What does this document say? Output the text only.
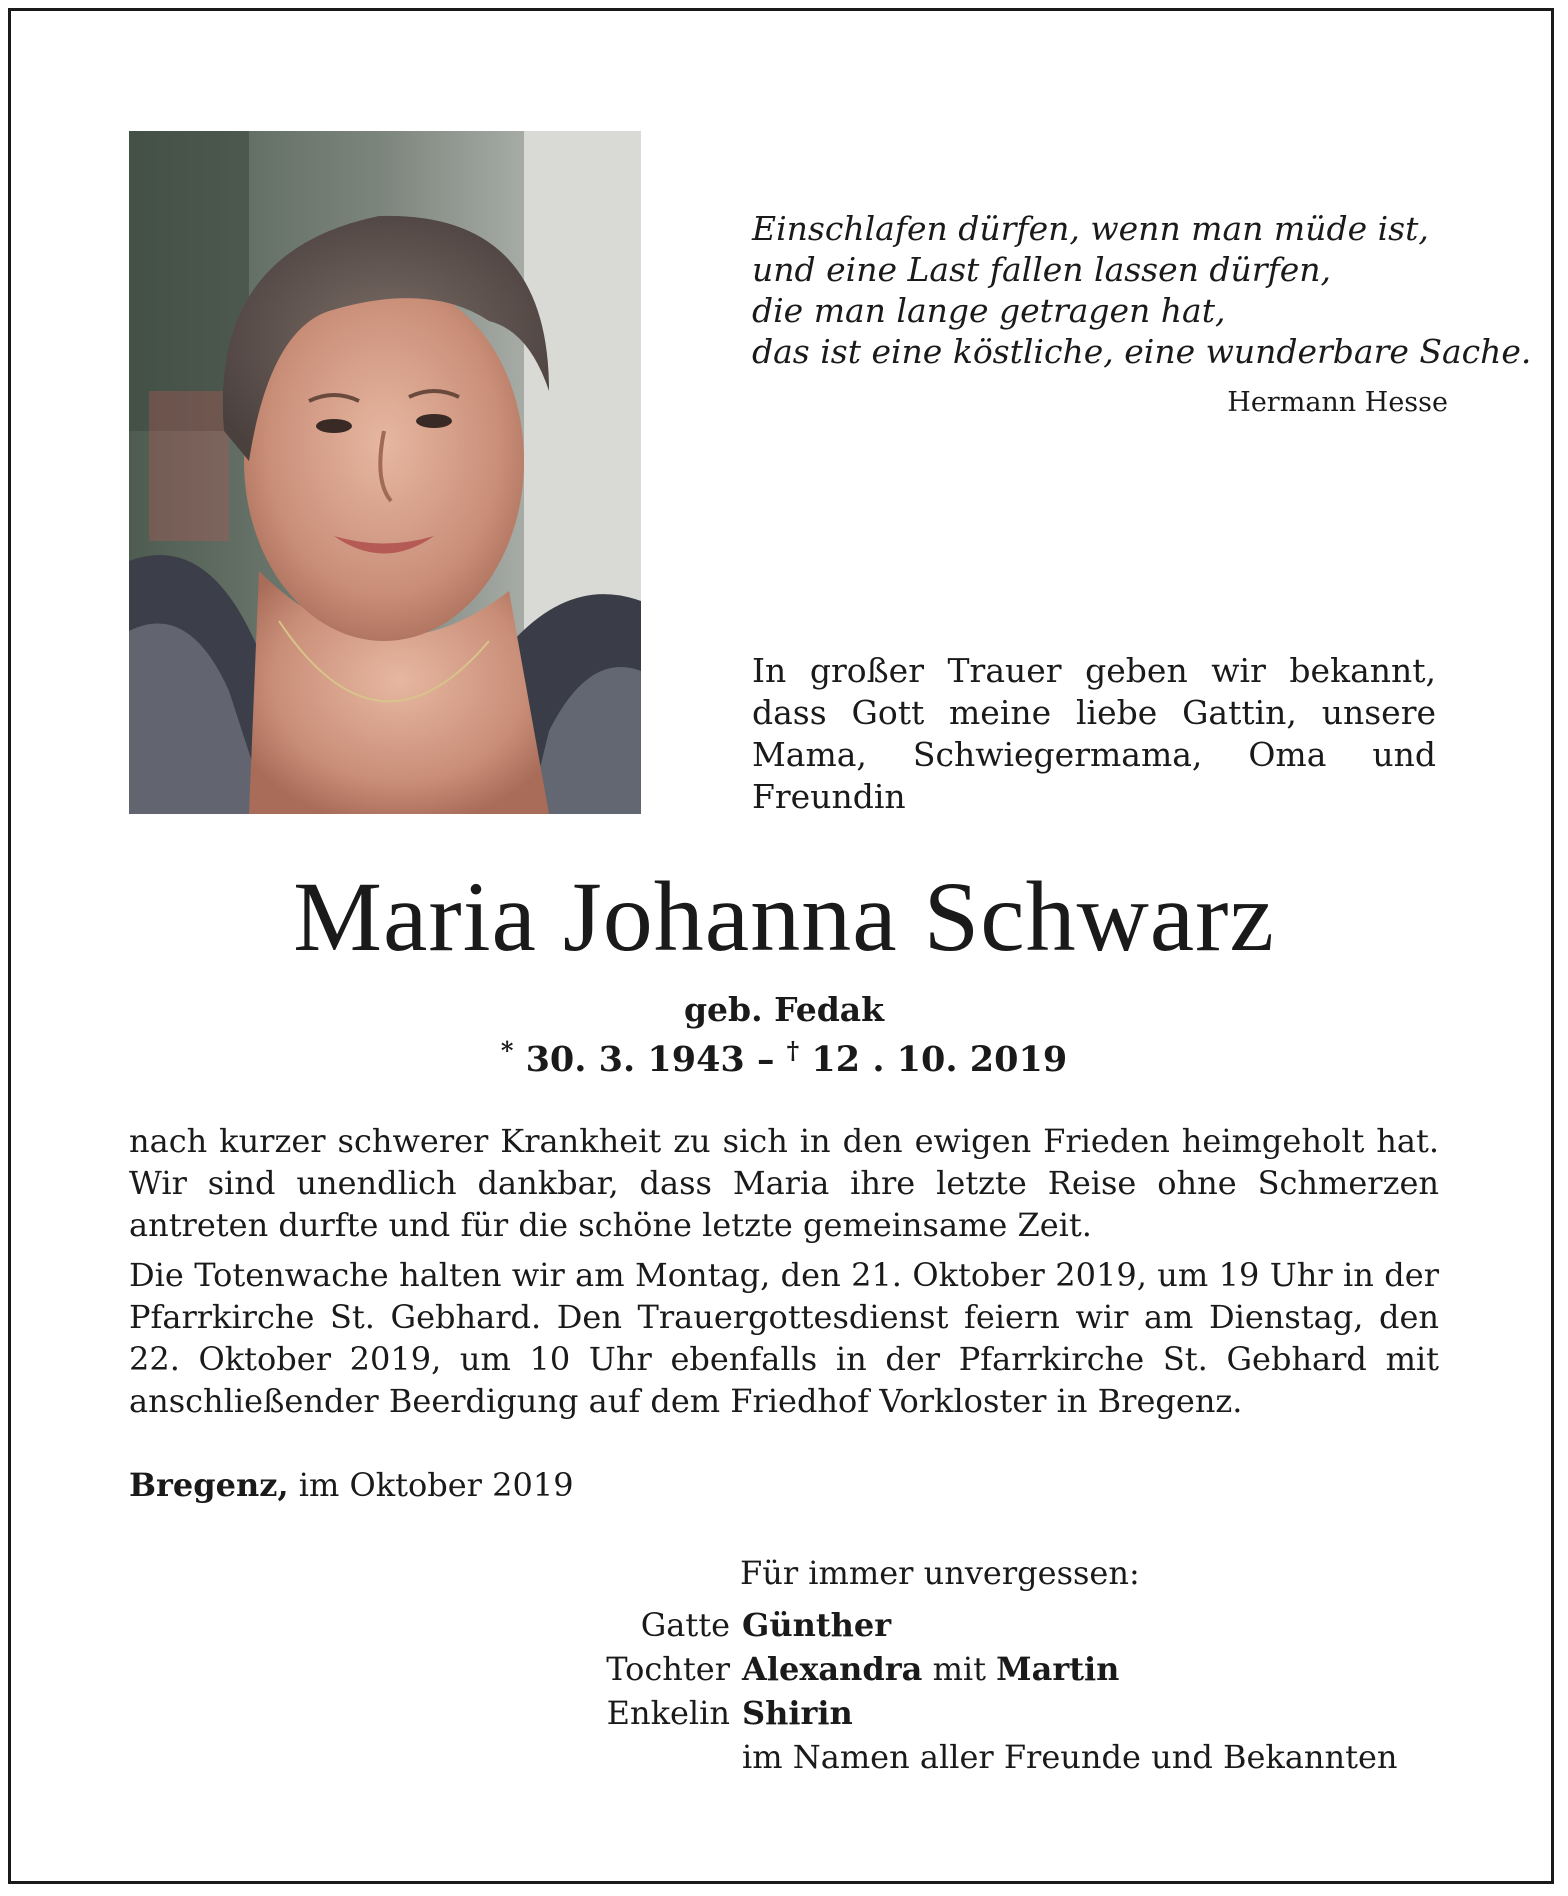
Einschlafen dürfen, wenn man müde ist,
und eine Last fallen lassen dürfen,
die man lange getragen hat,
das ist eine köstliche, eine wunderbare Sache.
Hermann Hesse
In großer Trauer geben wir bekannt, dass Gott meine liebe Gattin, unsere Mama, Schwiegermama, Oma und Freundin
Maria Johanna Schwarz
geb. Fedak
* 30. 3. 1943 – † 12 . 10. 2019

nach kurzer schwerer Krankheit zu sich in den ewigen Frieden heimgeholt hat. Wir sind unendlich dankbar, dass Maria ihre letzte Reise ohne Schmerzen antreten durfte und für die schöne letzte gemeinsame Zeit.

Die Totenwache halten wir am Montag, den 21. Oktober 2019, um 19 Uhr in der Pfarrkirche St. Gebhard. Den Trauergottesdienst feiern wir am Dienstag, den 22. Oktober 2019, um 10 Uhr ebenfalls in der Pfarrkirche St. Gebhard mit anschließender Beerdigung auf dem Friedhof Vorkloster in Bregenz.

Bregenz, im Oktober 2019
Für immer unvergessen:
Gatte Günther
Tochter Alexandra mit Martin
Enkelin Shirin
im Namen aller Freunde und Bekannten
